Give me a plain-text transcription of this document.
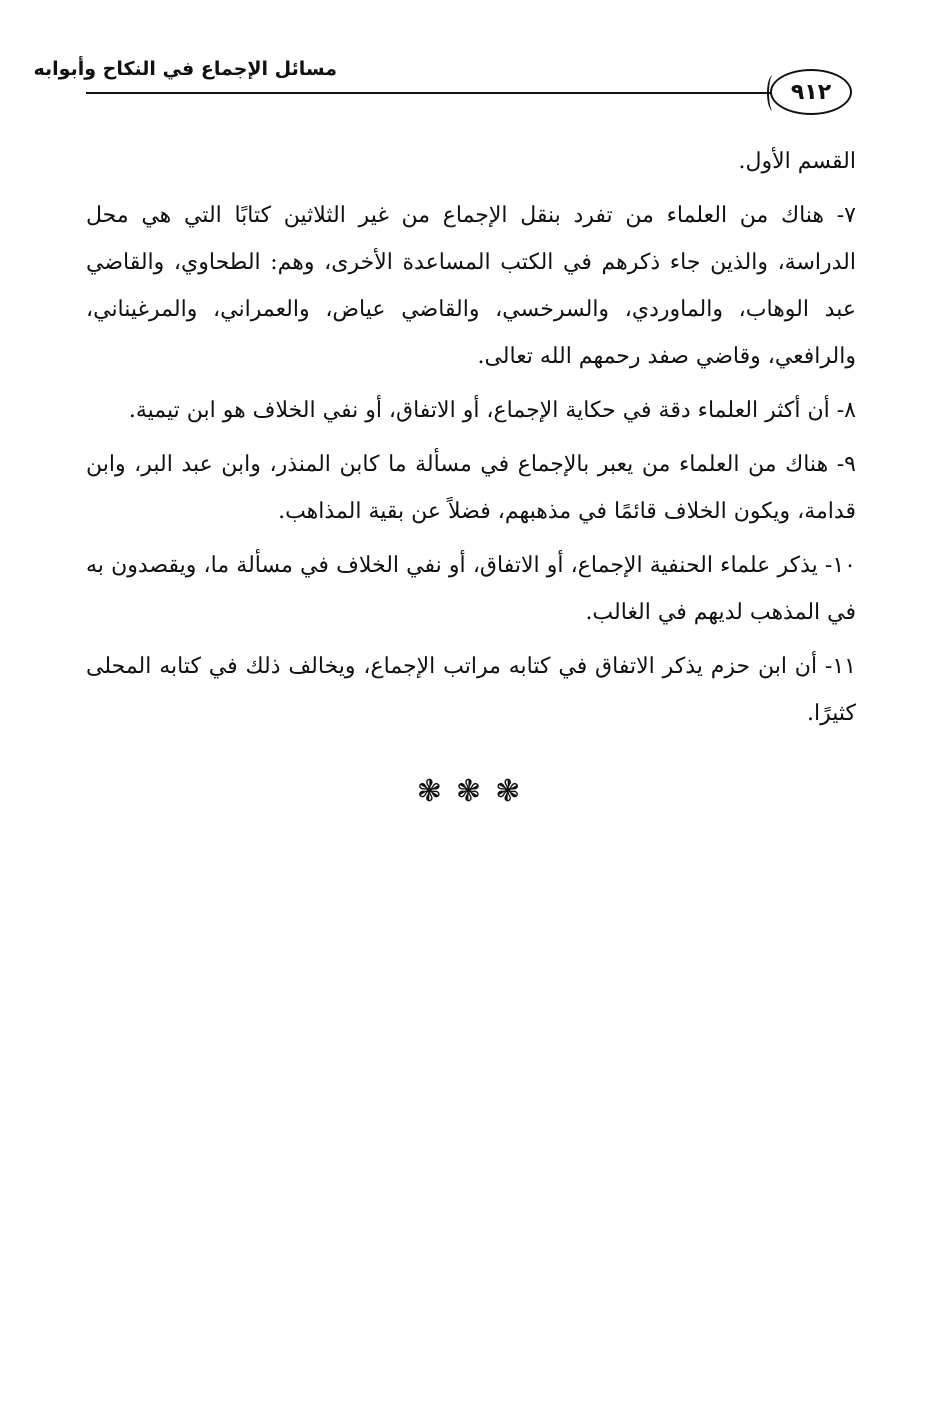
مسائل الإجماع في النكاح وأبوابه
٩١٢

القسم الأول.

٧- هناك من العلماء من تفرد بنقل الإجماع من غير الثلاثين كتابًا التي هي محل الدراسة، والذين جاء ذكرهم في الكتب المساعدة الأخرى، وهم: الطحاوي، والقاضي عبد الوهاب، والماوردي، والسرخسي، والقاضي عياض، والعمراني، والمرغيناني، والرافعي، وقاضي صفد رحمهم الله تعالى.

٨- أن أكثر العلماء دقة في حكاية الإجماع، أو الاتفاق، أو نفي الخلاف هو ابن تيمية.

٩- هناك من العلماء من يعبر بالإجماع في مسألة ما كابن المنذر، وابن عبد البر، وابن قدامة، ويكون الخلاف قائمًا في مذهبهم، فضلاً عن بقية المذاهب.

١٠- يذكر علماء الحنفية الإجماع، أو الاتفاق، أو نفي الخلاف في مسألة ما، ويقصدون به في المذهب لديهم في الغالب.

١١- أن ابن حزم يذكر الاتفاق في كتابه مراتب الإجماع، ويخالف ذلك في كتابه المحلى كثيرًا.

❃❃❃
